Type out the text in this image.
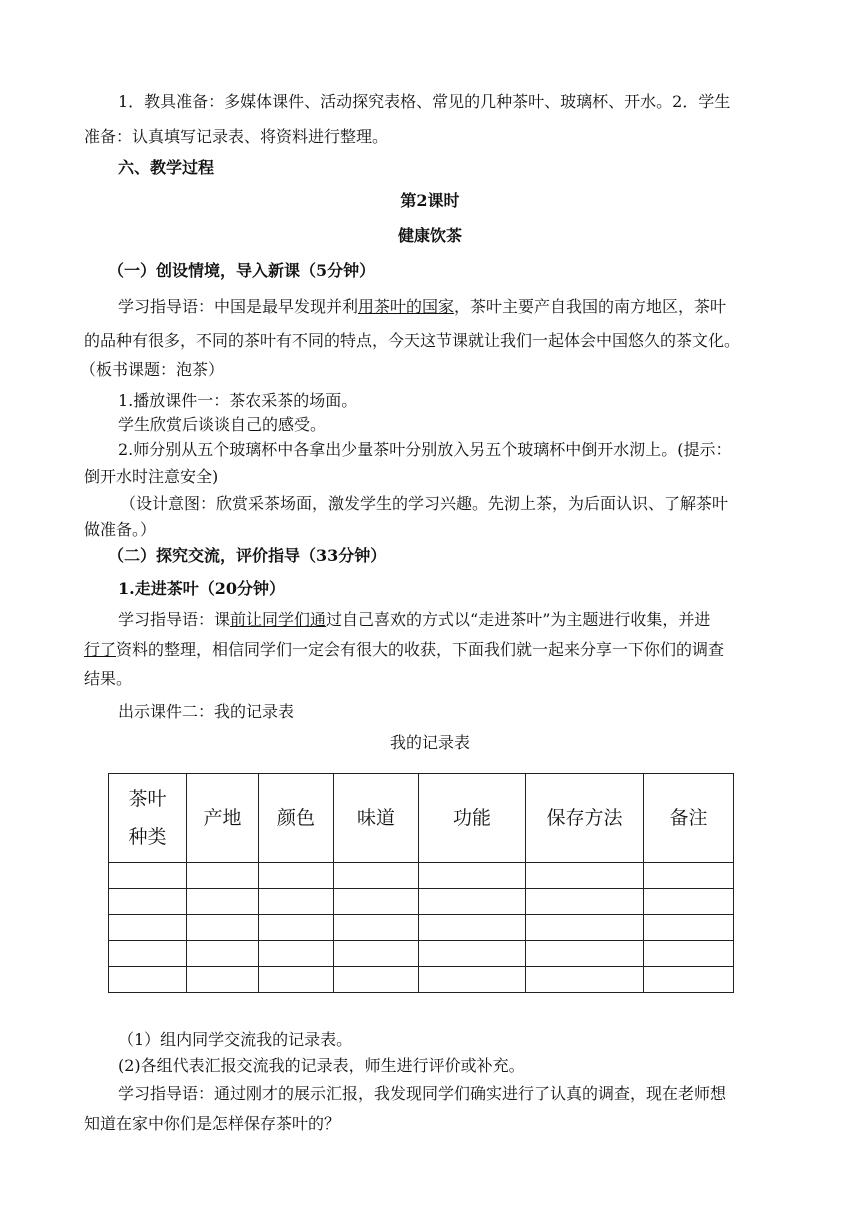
1．教具准备：多媒体课件、活动探究表格、常见的几种茶叶、玻璃杯、开水。2．学生
准备：认真填写记录表、将资料进行整理。
六、教学过程
第2课时
健康饮茶
（一）创设情境，导入新课（5分钟）
学习指导语：中国是最早发现并利用茶叶的国家，茶叶主要产自我国的南方地区，茶叶
的品种有很多，不同的茶叶有不同的特点，今天这节课就让我们一起体会中国悠久的茶文化。
（板书课题：泡茶）
1.播放课件一：茶农采茶的场面。
学生欣赏后谈谈自己的感受。
2.师分别从五个玻璃杯中各拿出少量茶叶分别放入另五个玻璃杯中倒开水沏上。(提示：
倒开水时注意安全)
（设计意图：欣赏采茶场面，激发学生的学习兴趣。先沏上茶，为后面认识、了解茶叶
做准备。）
（二）探究交流，评价指导（33分钟）
1.走进茶叶（20分钟）
学习指导语：课前让同学们通过自己喜欢的方式以“走进茶叶”为主题进行收集，并进
行了资料的整理，相信同学们一定会有很大的收获，下面我们就一起来分享一下你们的调查
结果。
出示课件二：我的记录表
我的记录表
茶叶
种类	产地	颜色	味道	功能	保存方法	备注

（1）组内同学交流我的记录表。
(2)各组代表汇报交流我的记录表，师生进行评价或补充。
学习指导语：通过刚才的展示汇报，我发现同学们确实进行了认真的调查，现在老师想
知道在家中你们是怎样保存茶叶的？
